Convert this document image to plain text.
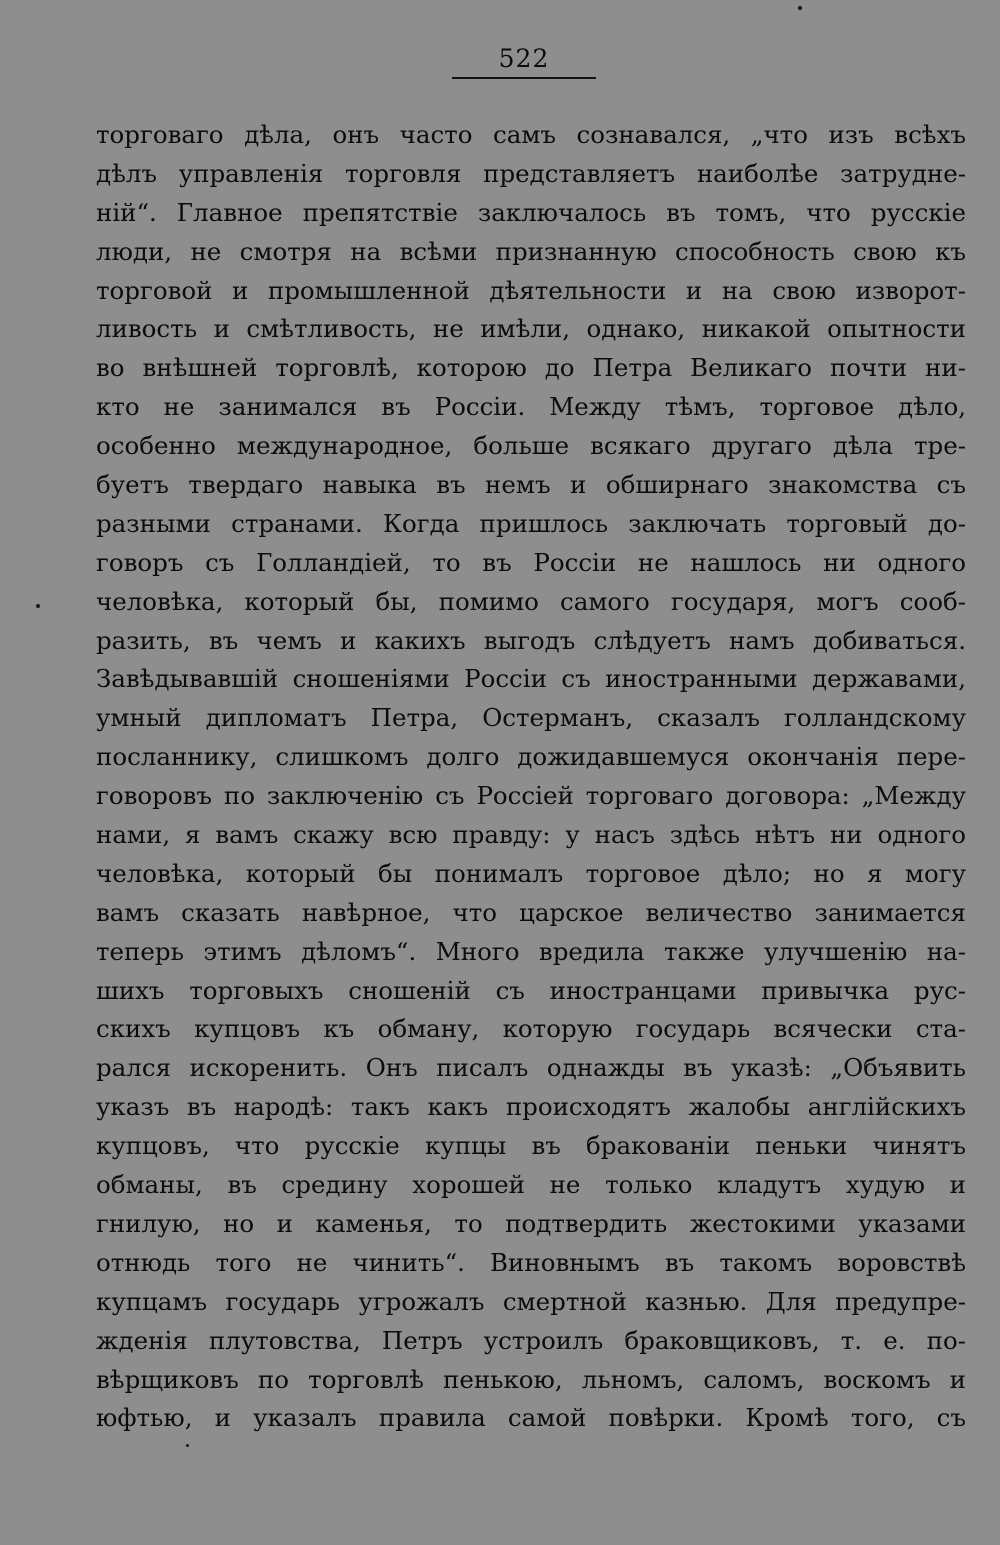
522
торговаго дѣла, онъ часто самъ сознавался, „что изъ всѣхъ
дѣлъ управленія торговля представляетъ наиболѣе затрудне-
ній“. Главное препятствіе заключалось въ томъ, что русскіе
люди, не смотря на всѣми признанную способность свою къ
торговой и промышленной дѣятельности и на свою изворот-
ливость и смѣтливость, не имѣли, однако, никакой опытности
во внѣшней торговлѣ, которою до Петра Великаго почти ни-
кто не занимался въ Россіи. Между тѣмъ, торговое дѣло,
особенно международное, больше всякаго другаго дѣла тре-
буетъ твердаго навыка въ немъ и обширнаго знакомства съ
разными странами. Когда пришлось заключать торговый до-
говоръ съ Голландіей, то въ Россіи не нашлось ни одного
человѣка, который бы, помимо самого государя, могъ сооб-
разить, въ чемъ и какихъ выгодъ слѣдуетъ намъ добиваться.
Завѣдывавшій сношеніями Россіи съ иностранными державами,
умный дипломатъ Петра, Остерманъ, сказалъ голландскому
посланнику, слишкомъ долго дожидавшемуся окончанія пере-
говоровъ по заключенію съ Россіей торговаго договора: „Между
нами, я вамъ скажу всю правду: у насъ здѣсь нѣтъ ни одного
человѣка, который бы понималъ торговое дѣло; но я могу
вамъ сказать навѣрное, что царское величество занимается
теперь этимъ дѣломъ“. Много вредила также улучшенію на-
шихъ торговыхъ сношеній съ иностранцами привычка рус-
скихъ купцовъ къ обману, которую государь всячески ста-
рался искоренить. Онъ писалъ однажды въ указѣ: „Объявить
указъ въ народѣ: такъ какъ происходятъ жалобы англійскихъ
купцовъ, что русскіе купцы въ бракованіи пеньки чинятъ
обманы, въ средину хорошей не только кладутъ худую и
гнилую, но и каменья, то подтвердить жестокими указами
отнюдь того не чинить“. Виновнымъ въ такомъ воровствѣ
купцамъ государь угрожалъ смертной казнью. Для предупре-
жденія плутовства, Петръ устроилъ браковщиковъ, т. е. по-
вѣрщиковъ по торговлѣ пенькою, льномъ, саломъ, воскомъ и
юфтью, и указалъ правила самой повѣрки. Кромѣ того, съ
